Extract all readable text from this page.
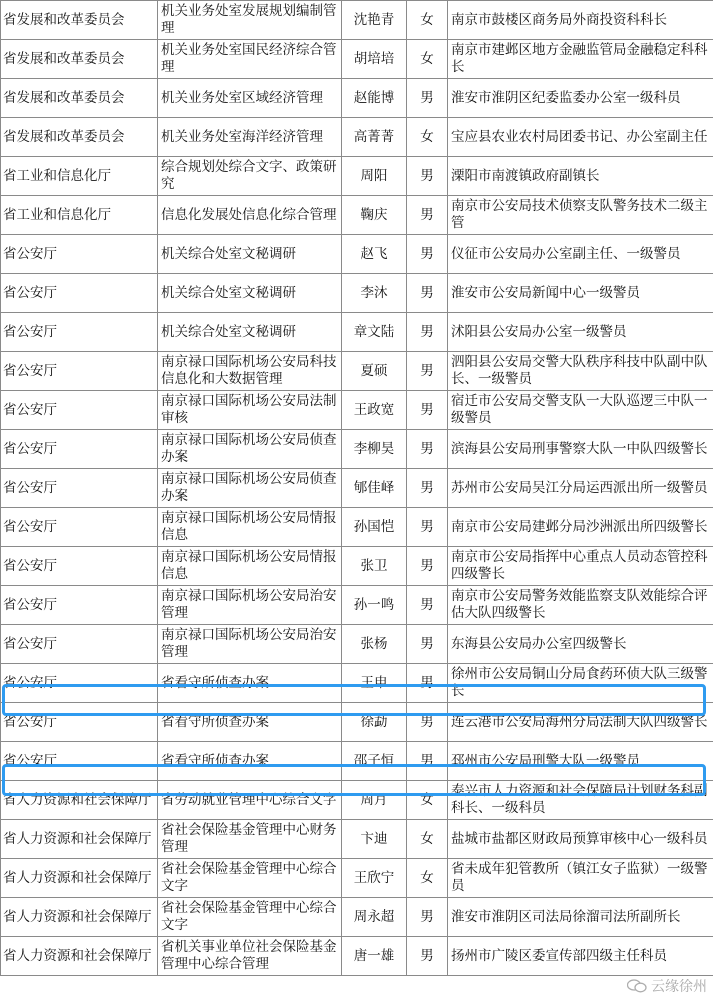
省发展和改革委员会	机关业务处室发展规划编制管理	沈艳青	女	南京市鼓楼区商务局外商投资科科长
省发展和改革委员会	机关业务处室国民经济综合管理	胡培培	女	南京市建邺区地方金融监管局金融稳定科科长
省发展和改革委员会	机关业务处室区域经济管理	赵能博	男	淮安市淮阴区纪委监委办公室一级科员
省发展和改革委员会	机关业务处室海洋经济管理	高菁菁	女	宝应县农业农村局团委书记、办公室副主任
省工业和信息化厅	综合规划处综合文字、政策研究	周阳	男	溧阳市南渡镇政府副镇长
省工业和信息化厅	信息化发展处信息化综合管理	鞠庆	男	南京市公安局技术侦察支队警务技术二级主管
省公安厅	机关综合处室文秘调研	赵飞	男	仪征市公安局办公室副主任、一级警员
省公安厅	机关综合处室文秘调研	李沐	男	淮安市公安局新闻中心一级警员
省公安厅	机关综合处室文秘调研	章文陆	男	沭阳县公安局办公室一级警员
省公安厅	南京禄口国际机场公安局科技信息化和大数据管理	夏硕	男	泗阳县公安局交警大队秩序科技中队副中队长、一级警员
省公安厅	南京禄口国际机场公安局法制审核	王政宽	男	宿迁市公安局交警支队一大队巡逻三中队一级警员
省公安厅	南京禄口国际机场公安局侦查办案	李柳昊	男	滨海县公安局刑事警察大队一中队四级警长
省公安厅	南京禄口国际机场公安局侦查办案	郇佳峄	男	苏州市公安局吴江分局运西派出所一级警员
省公安厅	南京禄口国际机场公安局情报信息	孙国恺	男	南京市公安局建邺分局沙洲派出所四级警长
省公安厅	南京禄口国际机场公安局情报信息	张卫	男	南京市公安局指挥中心重点人员动态管控科四级警长
省公安厅	南京禄口国际机场公安局治安管理	孙一鸣	男	南京市公安局警务效能监察支队效能综合评估大队四级警长
省公安厅	南京禄口国际机场公安局治安管理	张杨	男	东海县公安局办公室四级警长
省公安厅	省看守所侦查办案	王申	男	徐州市公安局铜山分局食药环侦大队三级警长
省公安厅	省看守所侦查办案	徐勐	男	连云港市公安局海州分局法制大队四级警长
省公安厅	省看守所侦查办案	邵子恒	男	邳州市公安局刑警大队一级警员
省人力资源和社会保障厅	省劳动就业管理中心综合文字	周月	女	泰兴市人力资源和社会保障局计划财务科副科长、一级科员
省人力资源和社会保障厅	省社会保险基金管理中心财务管理	卞迪	女	盐城市盐都区财政局预算审核中心一级科员
省人力资源和社会保障厅	省社会保险基金管理中心综合文字	王欣宁	女	省未成年犯管教所（镇江女子监狱）一级警员
省人力资源和社会保障厅	省社会保险基金管理中心综合文字	周永超	男	淮安市淮阴区司法局徐溜司法所副所长
省人力资源和社会保障厅	省机关事业单位社会保险基金管理中心综合管理	唐一雄	男	扬州市广陵区委宣传部四级主任科员
云缘徐州
